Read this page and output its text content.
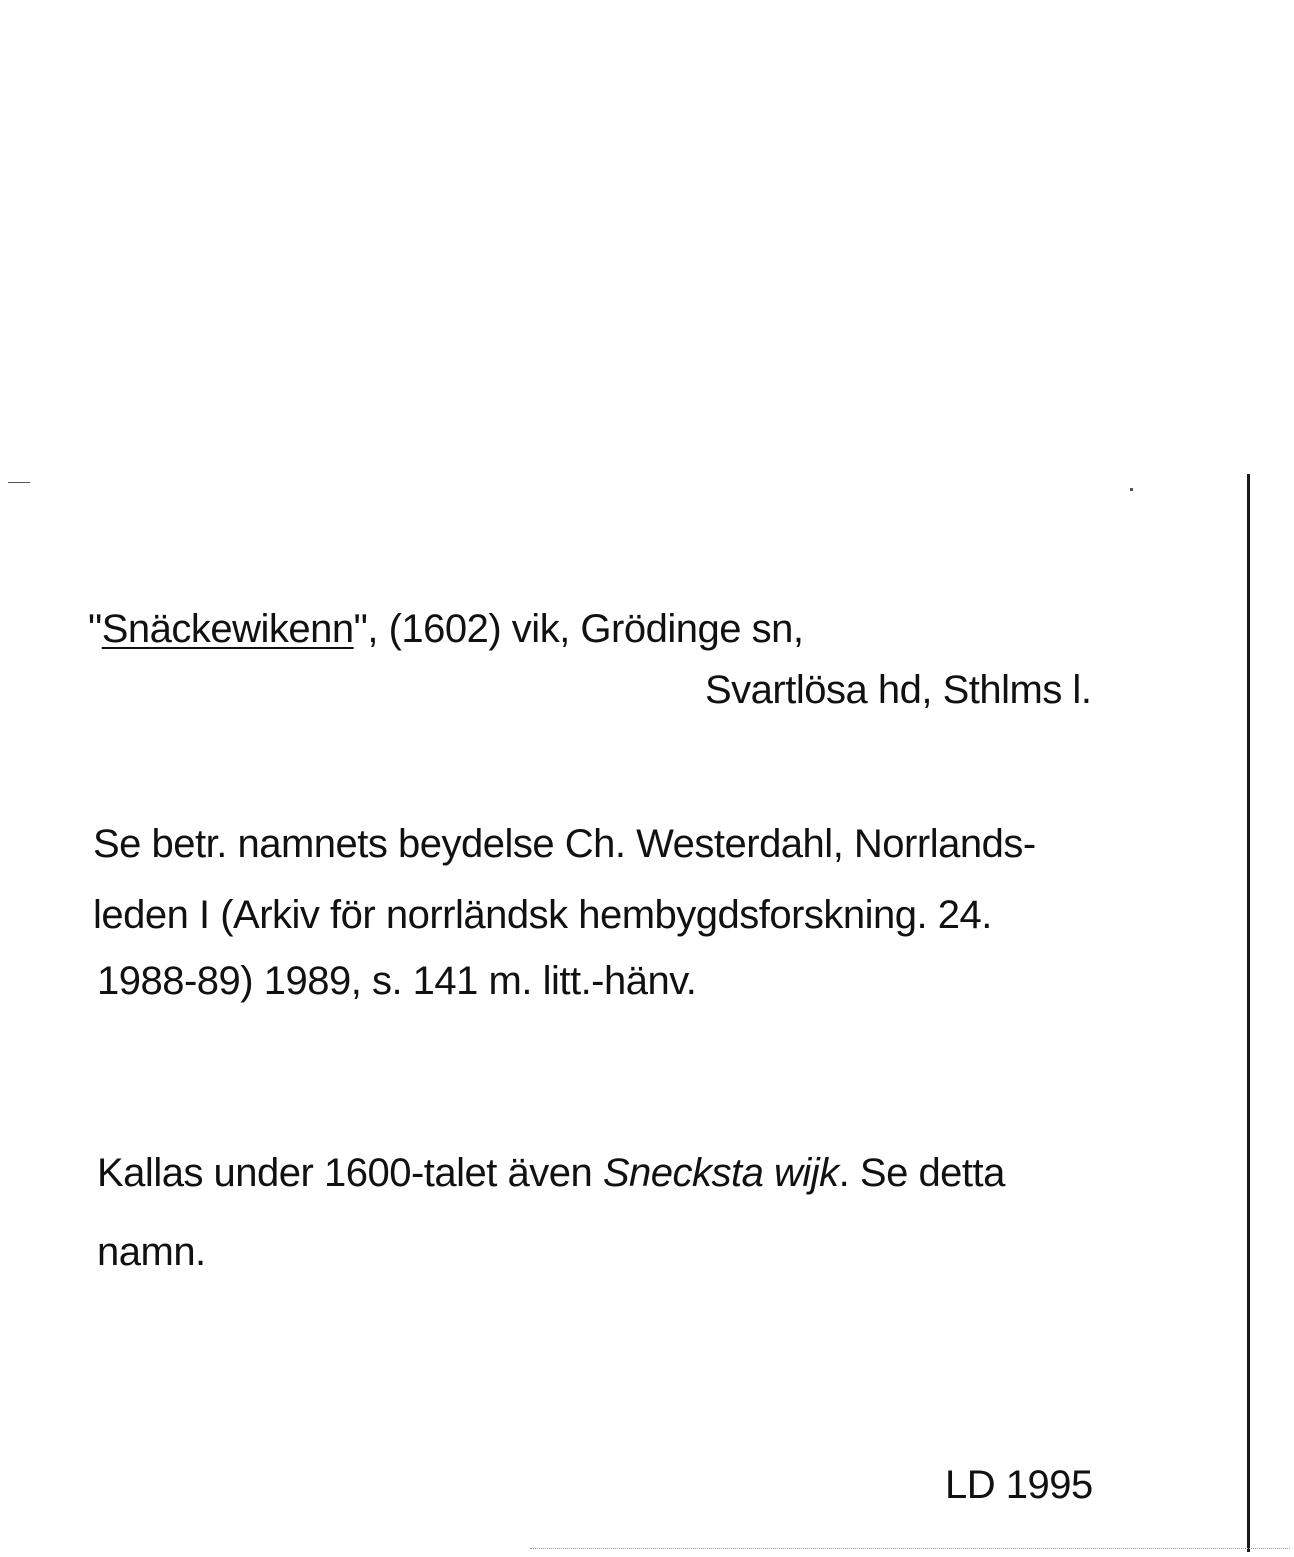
"Snäckewikenn", (1602) vik, Grödinge sn,
Svartlösa hd, Sthlms l.
Se betr. namnets beydelse Ch. Westerdahl, Norrlands-
leden I (Arkiv för norrländsk hembygdsforskning. 24.
1988-89) 1989, s. 141 m. litt.-hänv.
Kallas under 1600-talet även Snecksta wijk. Se detta
namn.
LD 1995
